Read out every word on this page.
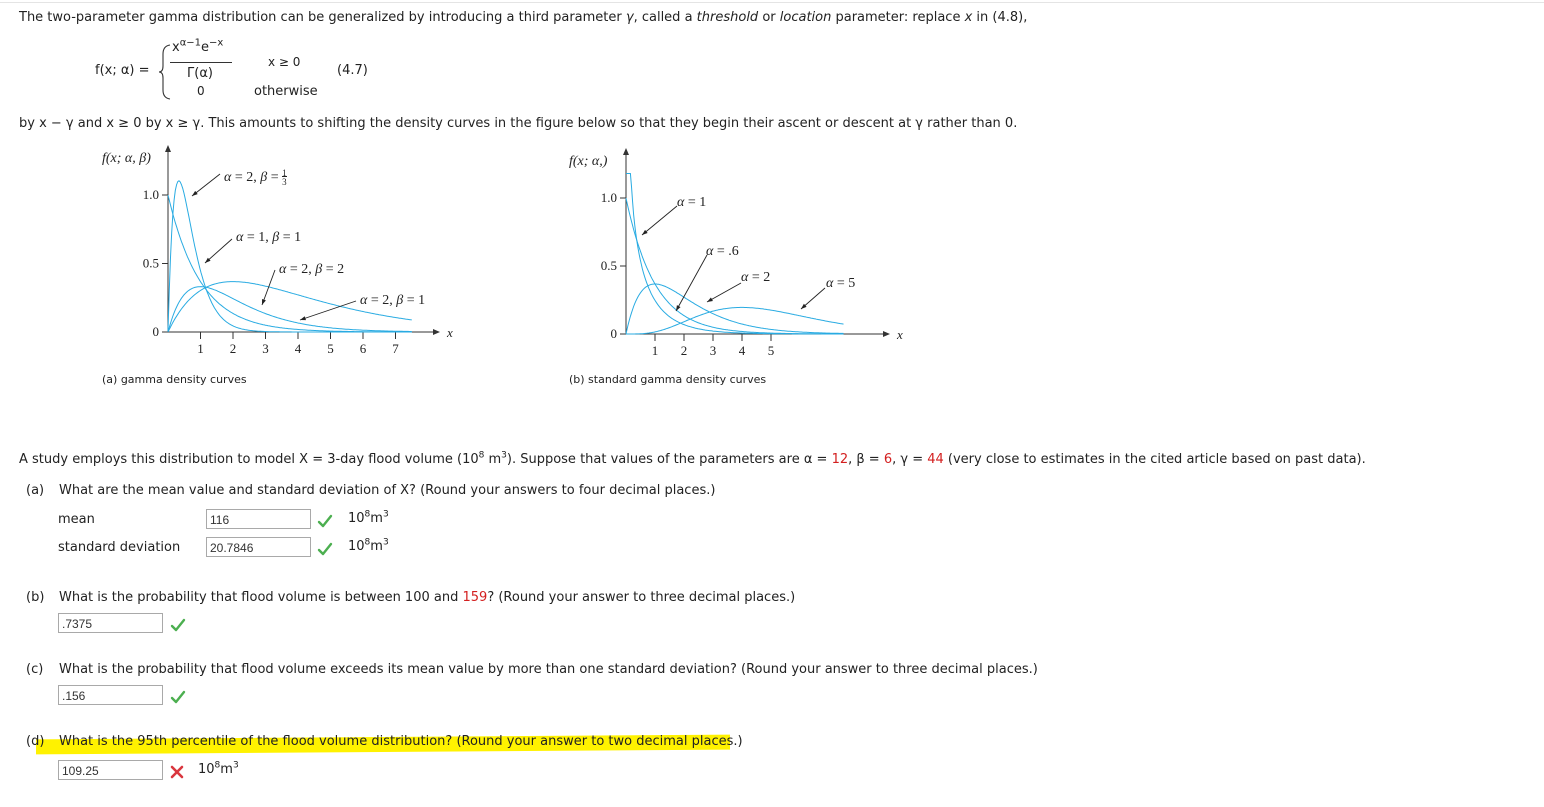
The two-parameter gamma distribution can be generalized by introducing a third parameter γ, called a threshold or location parameter: replace x in (4.8),
f(x; α) =
$x^{\alpha-1}e^{-x}$
Γ(α)
x ≥ 0
0	otherwise
(4.7)
by x − γ and x ≥ 0 by x ≥ γ. This amounts to shifting the density curves in the figure below so that they begin their ascent or descent at γ rather than 0.
1 2 3 4 5 6 7
1.0
0.5
0	x
f(x; α, β)
α = 2, $\beta = \frac{1}{3}$
α = 1, β = 1
α = 2, β = 2
α = 2, β = 1
(a) gamma density curves
1 2 3 4 5
1.0
0.5
0	x
f(x; α,)
α = 1
α = .6
α = 2	α = 5
(b) standard gamma density curves
A study employs this distribution to model X = 3-day flood volume ($10^8$ $m^3$). Suppose that values of the parameters are α = 12, β = 6, γ = 44 (very close to estimates in the cited article based on past data).
(a) What are the mean value and standard deviation of X? (Round your answers to four decimal places.)
mean	116	$10^8m^3$
standard deviation	20.7846	$10^8m^3$
(b) What is the probability that flood volume is between 100 and 159? (Round your answer to three decimal places.)
.7375
(c) What is the probability that flood volume exceeds its mean value by more than one standard deviation? (Round your answer to three decimal places.)
.156
(d) What is the 95th percentile of the flood volume distribution? (Round your answer to two decimal places.)
109.25	$10^8m^3$
